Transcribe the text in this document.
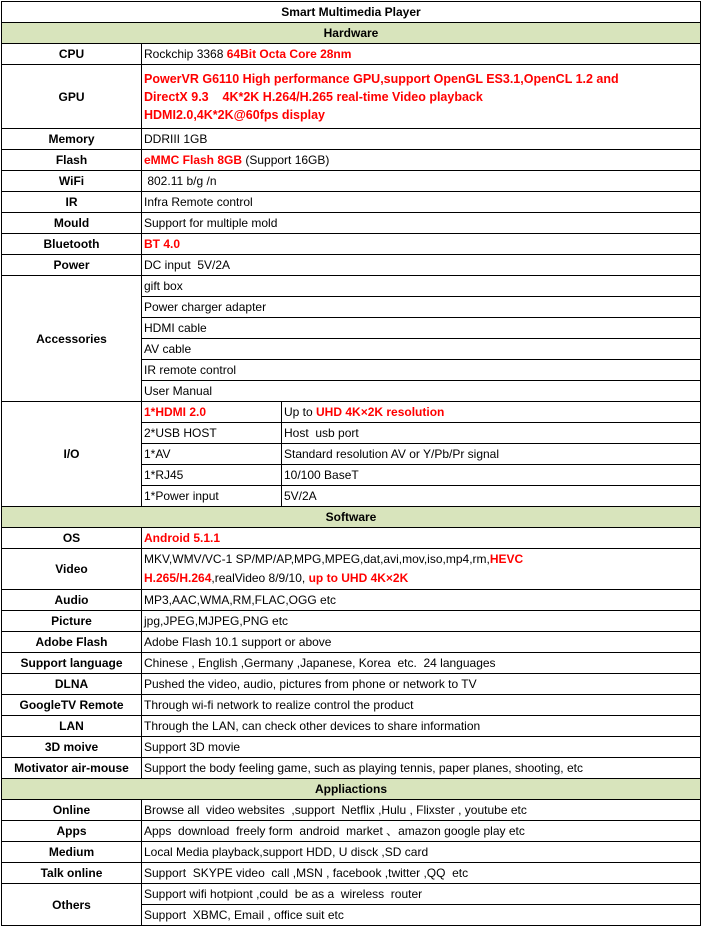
Smart Multimedia Player		
Hardware		
CPU	Rockchip 3368 64Bit Octa Core 28nm	
GPU	PowerVR G6110 High performance GPU,support OpenGL ES3.1,OpenCL 1.2 and
DirectX 9.3    4K*2K H.264/H.265 real-time Video playback
HDMI2.0,4K*2K@60fps display	
Memory	DDRIII 1GB	
Flash	eMMC Flash 8GB (Support 16GB)	
WiFi	802.11 b/g /n	
IR	Infra Remote control	
Mould	Support for multiple mold	
Bluetooth	BT 4.0	
Power	DC input  5V/2A	
Accessories	gift box	
	Power charger adapter	
	HDMI cable	
	AV cable	
	IR remote control	
	User Manual	
I/O	1*HDMI 2.0	Up to UHD 4K×2K resolution
	2*USB HOST	Host  usb port
	1*AV	Standard resolution AV or Y/Pb/Pr signal
	1*RJ45	10/100 BaseT
	1*Power input	5V/2A
Software		
OS	Android 5.1.1	
Video	MKV,WMV/VC-1 SP/MP/AP,MPG,MPEG,dat,avi,mov,iso,mp4,rm,HEVC
H.265/H.264,realVideo 8/9/10, up to UHD 4K×2K	
Audio	MP3,AAC,WMA,RM,FLAC,OGG etc	
Picture	jpg,JPEG,MJPEG,PNG etc	
Adobe Flash	Adobe Flash 10.1 support or above	
Support language	Chinese , English ,Germany ,Japanese, Korea  etc.  24 languages	
DLNA	Pushed the video, audio, pictures from phone or network to TV	
GoogleTV Remote	Through wi-fi network to realize control the product	
LAN	Through the LAN, can check other devices to share information	
3D moive	Support 3D movie	
Motivator air-mouse	Support the body feeling game, such as playing tennis, paper planes, shooting, etc	
Appliactions		
Online	Browse all  video websites  ,support  Netflix ,Hulu , Flixster , youtube etc	
Apps	Apps  download  freely form  android  market 、amazon google play etc	
Medium	Local Media playback,support HDD, U disck ,SD card	
Talk online	Support  SKYPE video  call ,MSN , facebook ,twitter ,QQ  etc	
Others	Support wifi hotpiont ,could  be as a  wireless  router	
	Support  XBMC, Email , office suit etc	
